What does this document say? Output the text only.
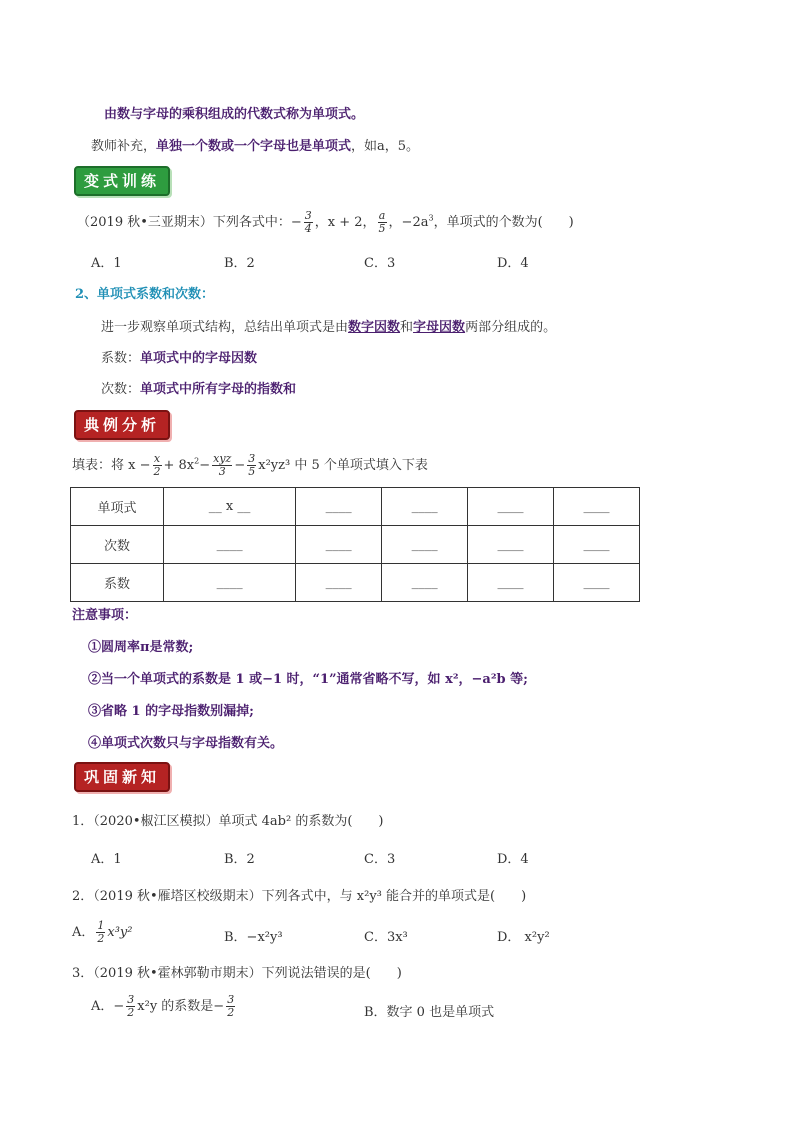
由数与字母的乘积组成的代数式称为单项式。
教师补充，单独一个数或一个字母也是单项式，如a，5。
变式训练
（2019 秋•三亚期末）下列各式中：− $\frac{3}{4}$ ，x + 2， $\frac{a}{5}$ ，$-2a^3$，单项式的个数为(　　)
A．1	B．2	C．3	D．4
2、单项式系数和次数：
进一步观察单项式结构，总结出单项式是由数字因数和字母因数两部分组成的。
系数：单项式中的字母因数
次数：单项式中所有字母的指数和
典例分析
填表：将 $x - \frac{x}{2} + 8x^2- \frac{\text{xyz}}{3} - \frac{3}{5} x^2yz^3$ 中 5 个单项式填入下表
单项式	__ x __	____	____	____	____
次数	____	____	____	____	____
系数	____	____	____	____	____
注意事项：
①圆周率π是常数;
②当一个单项式的系数是 1 或−1 时，“1”通常省略不写，如 x²，−a²b 等;
③省略 1 的字母指数别漏掉;
④单项式次数只与字母指数有关。
巩固新知
1．（2020•椒江区模拟）单项式 4ab² 的系数为(　　)
A．1	B．2	C．3	D．4
2．（2019 秋•雁塔区校级期末）下列各式中，与 x²y³ 能合并的单项式是(　　)
A． $\frac{1}{2} x^3y^2$	B．−x²y³	C．3x³	D． x²y²
3．（2019 秋•霍林郭勒市期末）下列说法错误的是(　　)
A．− $\frac{3}{2} x^2y$ 的系数是− $\frac{3}{2}$	B．数字 0 也是单项式
